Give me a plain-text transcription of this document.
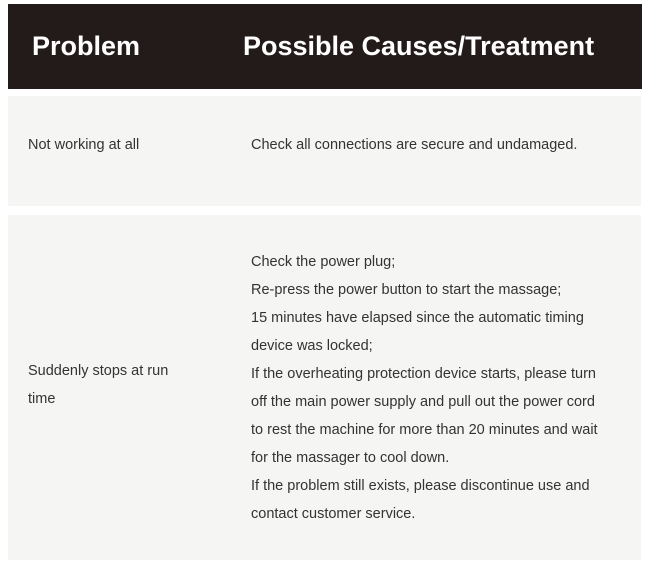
Problem	Possible Causes/Treatment
Not working at all	Check all connections are secure and undamaged.
Suddenly stops at run
time
Check the power plug;
Re-press the power button to start the massage;
15 minutes have elapsed since the automatic timing
device was locked;
If the overheating protection device starts, please turn
off the main power supply and pull out the power cord
to rest the machine for more than 20 minutes and wait
for the massager to cool down.
If the problem still exists, please discontinue use and
contact customer service.
